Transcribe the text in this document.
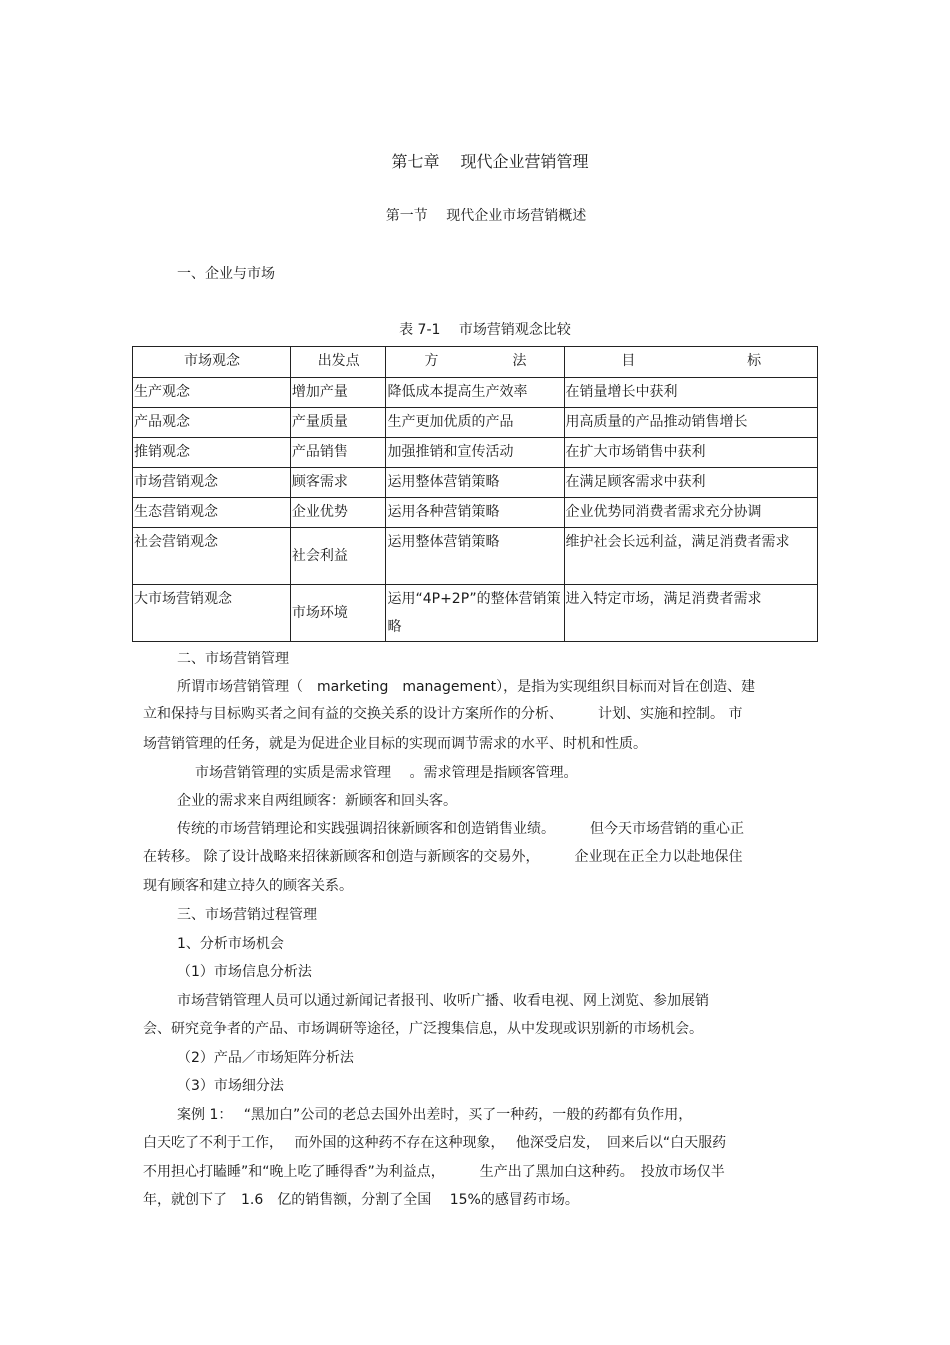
第七章　 现代企业营销管理
第一节　 现代企业市场营销概述
一、企业与市场
表 7-1　 市场营销观念比较
市场观念	出发点	方 法	目 标

生产观念	增加产量	降低成本提高生产效率	在销量增长中获利
产品观念	产量质量	生产更加优质的产品	用高质量的产品推动销售增长
推销观念	产品销售	加强推销和宣传活动	在扩大市场销售中获利
市场营销观念	顾客需求	运用整体营销策略	在满足顾客需求中获利
生态营销观念	企业优势	运用各种营销策略	企业优势同消费者需求充分协调
社会营销观念	社会利益	运用整体营销策略	维护社会长远利益，满足消费者需求
大市场营销观念	市场环境	运用“4P+2P”的整体营销策略	进入特定市场，满足消费者需求
二、市场营销管理
所谓市场营销管理（　marketing　management），是指为实现组织目标而对旨在创造、建
立和保持与目标购买者之间有益的交换关系的设计方案所作的分析、　　　计划、实施和控制。 市
场营销管理的任务，就是为促进企业目标的实现而调节需求的水平、时机和性质。
市场营销管理的实质是需求管理　 。需求管理是指顾客管理。
企业的需求来自两组顾客：新顾客和回头客。
传统的市场营销理论和实践强调招徕新顾客和创造销售业绩。　　　但今天市场营销的重心正
在转移。 除了设计战略来招徕新顾客和创造与新顾客的交易外，　　　企业现在正全力以赴地保住
现有顾客和建立持久的顾客关系。
三、市场营销过程管理
1、分析市场机会
（1）市场信息分析法
市场营销管理人员可以通过新闻记者报刊、收听广播、收看电视、网上浏览、参加展销
会、研究竞争者的产品、市场调研等途径，广泛搜集信息，从中发现或识别新的市场机会。
（2）产品／市场矩阵分析法
（3）市场细分法
案例 1：　 “黑加白”公司的老总去国外出差时，买了一种药，一般的药都有负作用，
白天吃了不利于工作，　 而外国的这种药不存在这种现象，　 他深受启发，　回来后以“白天服药
不用担心打瞌睡”和“晚上吃了睡得香”为利益点，　　　生产出了黑加白这种药。　投放市场仅半
年，就创下了　1.6　亿的销售额，分割了全国　 15%的感冒药市场。
